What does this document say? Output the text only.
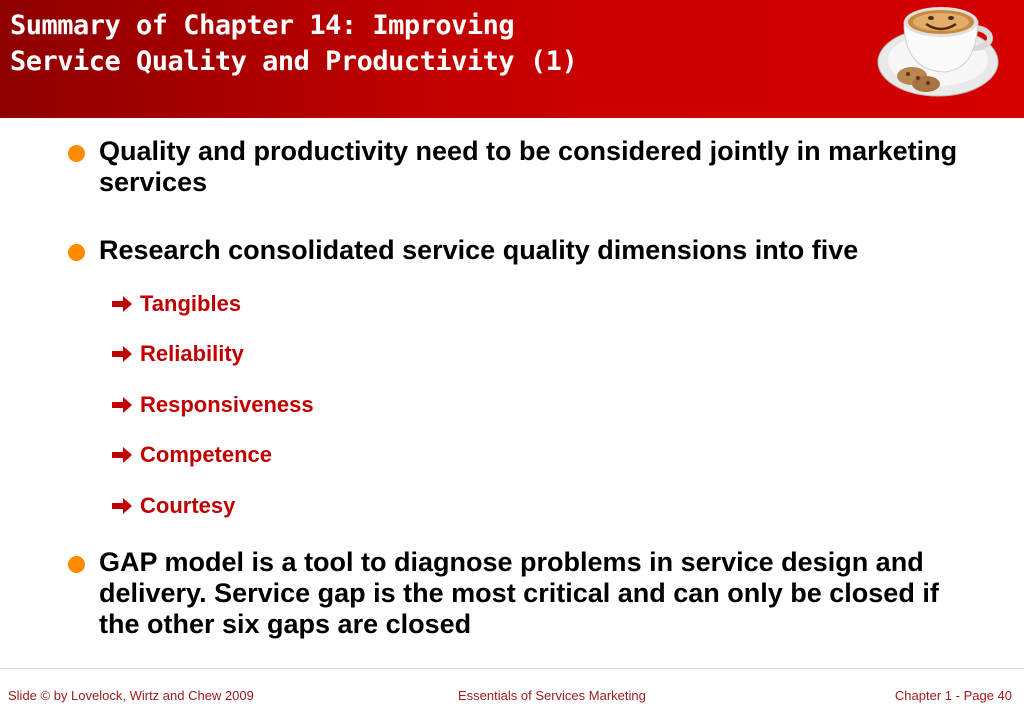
Summary of Chapter 14: Improving
Service Quality and Productivity (1)
Quality and productivity need to be considered jointly in marketing services
Research consolidated service quality dimensions into five
Tangibles
Reliability
Responsiveness
Competence
Courtesy
GAP model is a tool to diagnose problems in service design and delivery. Service gap is the most critical and can only be closed if the other six gaps are closed
Slide © by Lovelock, Wirtz and Chew 2009	Essentials of Services Marketing	Chapter 1 - Page 40
